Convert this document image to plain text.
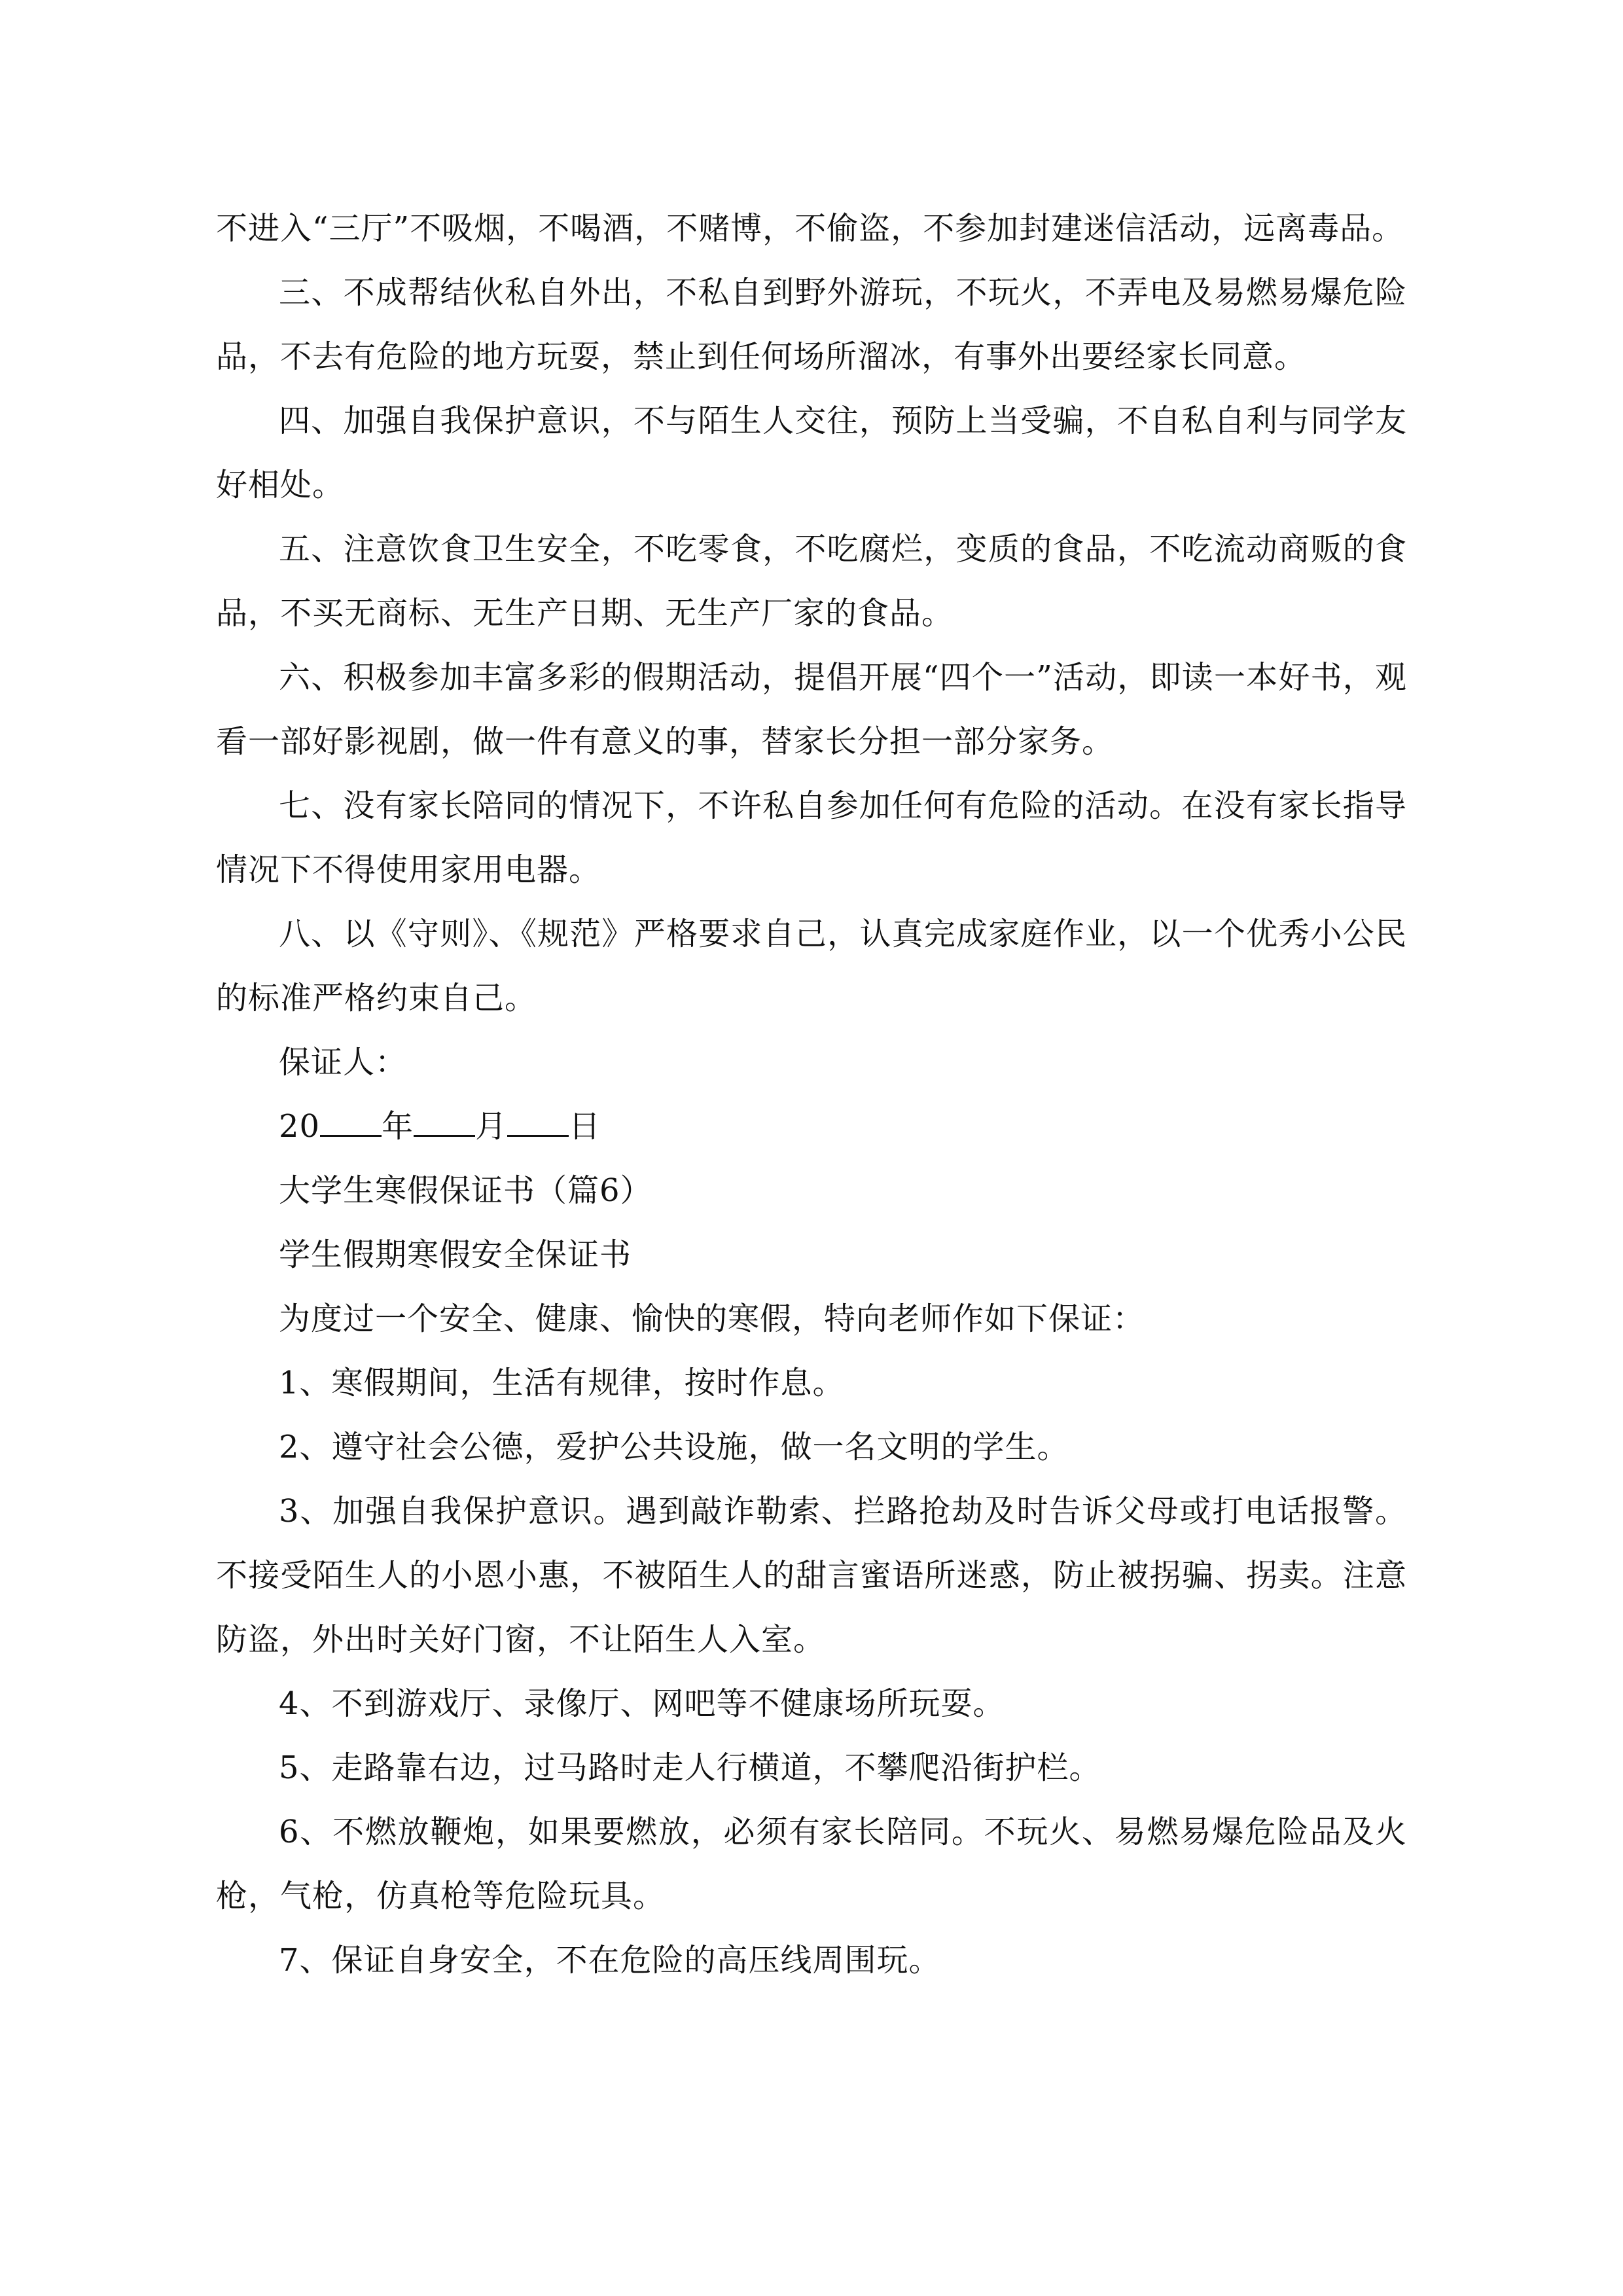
不进入“三厅”不吸烟，不喝酒，不赌博，不偷盗，不参加封建迷信活动，远离毒品。

三、不成帮结伙私自外出，不私自到野外游玩，不玩火，不弄电及易燃易爆危险品，不去有危险的地方玩耍，禁止到任何场所溜冰，有事外出要经家长同意。

四、加强自我保护意识，不与陌生人交往，预防上当受骗，不自私自利与同学友好相处。

五、注意饮食卫生安全，不吃零食，不吃腐烂，变质的食品，不吃流动商贩的食品，不买无商标、无生产日期、无生产厂家的食品。

六、积极参加丰富多彩的假期活动，提倡开展“四个一”活动，即读一本好书，观看一部好影视剧，做一件有意义的事，替家长分担一部分家务。

七、没有家长陪同的情况下，不许私自参加任何有危险的活动。在没有家长指导情况下不得使用家用电器。

八、以《守则》、《规范》严格要求自己，认真完成家庭作业，以一个优秀小公民的标准严格约束自己。

保证人：

20 年 月 日

大学生寒假保证书（篇6）

学生假期寒假安全保证书

为度过一个安全、健康、愉快的寒假，特向老师作如下保证：

1、寒假期间，生活有规律，按时作息。

2、遵守社会公德，爱护公共设施，做一名文明的学生。

3、加强自我保护意识。遇到敲诈勒索、拦路抢劫及时告诉父母或打电话报警。不接受陌生人的小恩小惠，不被陌生人的甜言蜜语所迷惑，防止被拐骗、拐卖。注意防盗，外出时关好门窗，不让陌生人入室。

4、不到游戏厅、录像厅、网吧等不健康场所玩耍。

5、走路靠右边，过马路时走人行横道，不攀爬沿街护栏。

6、不燃放鞭炮，如果要燃放，必须有家长陪同。不玩火、易燃易爆危险品及火枪，气枪，仿真枪等危险玩具。

7、保证自身安全，不在危险的高压线周围玩。
